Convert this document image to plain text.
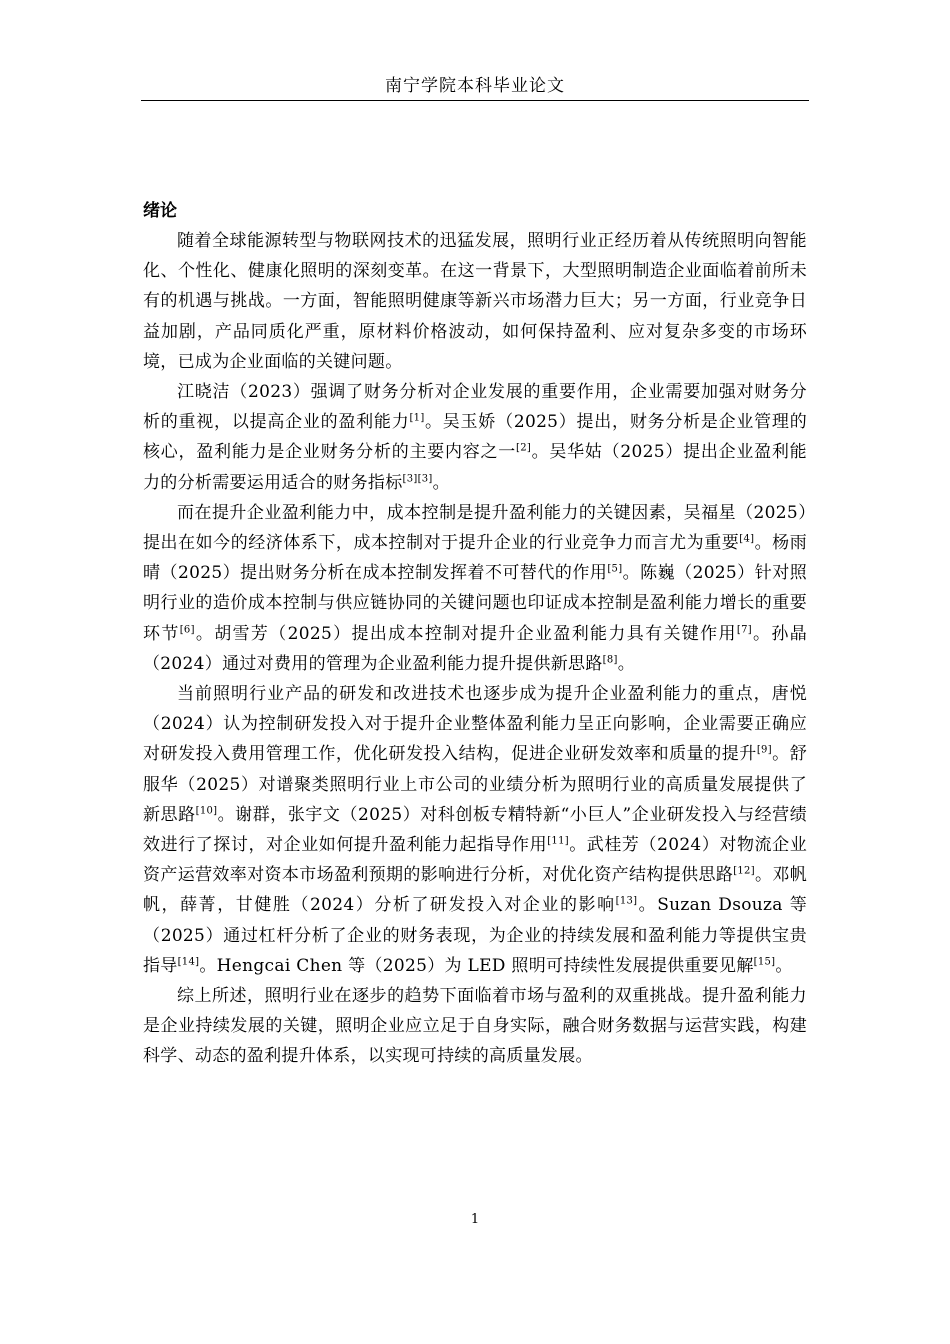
南宁学院本科毕业论文
绪论

随着全球能源转型与物联网技术的迅猛发展，照明行业正经历着从传统照明向智能化、个性化、健康化照明的深刻变革。在这一背景下，大型照明制造企业面临着前所未有的机遇与挑战。一方面，智能照明健康等新兴市场潜力巨大；另一方面，行业竞争日益加剧，产品同质化严重，原材料价格波动，如何保持盈利、应对复杂多变的市场环境，已成为企业面临的关键问题。

江晓洁（2023）强调了财务分析对企业发展的重要作用，企业需要加强对财务分析的重视，以提高企业的盈利能力[1]。吴玉娇（2025）提出，财务分析是企业管理的核心，盈利能力是企业财务分析的主要内容之一[2]。吴华姑（2025）提出企业盈利能力的分析需要运用适合的财务指标[3][3]。

而在提升企业盈利能力中，成本控制是提升盈利能力的关键因素，吴福星（2025）提出在如今的经济体系下，成本控制对于提升企业的行业竞争力而言尤为重要[4]。杨雨晴（2025）提出财务分析在成本控制发挥着不可替代的作用[5]。陈巍（2025）针对照明行业的造价成本控制与供应链协同的关键问题也印证成本控制是盈利能力增长的重要环节[6]。胡雪芳（2025）提出成本控制对提升企业盈利能力具有关键作用[7]。孙晶（2024）通过对费用的管理为企业盈利能力提升提供新思路[8]。

当前照明行业产品的研发和改进技术也逐步成为提升企业盈利能力的重点，唐悦（2024）认为控制研发投入对于提升企业整体盈利能力呈正向影响，企业需要正确应对研发投入费用管理工作，优化研发投入结构，促进企业研发效率和质量的提升[9]。舒服华（2025）对谱聚类照明行业上市公司的业绩分析为照明行业的高质量发展提供了新思路[10]。谢群，张宇文（2025）对科创板专精特新“小巨人”企业研发投入与经营绩效进行了探讨，对企业如何提升盈利能力起指导作用[11]。武桂芳（2024）对物流企业资产运营效率对资本市场盈利预期的影响进行分析，对优化资产结构提供思路[12]。邓帆帆，薛菁，甘健胜（2024）分析了研发投入对企业的影响[13]。Suzan Dsouza 等（2025）通过杠杆分析了企业的财务表现，为企业的持续发展和盈利能力等提供宝贵指导[14]。Hengcai Chen 等（2025）为 LED 照明可持续性发展提供重要见解[15]。

综上所述，照明行业在逐步的趋势下面临着市场与盈利的双重挑战。提升盈利能力是企业持续发展的关键，照明企业应立足于自身实际，融合财务数据与运营实践，构建科学、动态的盈利提升体系，以实现可持续的高质量发展。

1
